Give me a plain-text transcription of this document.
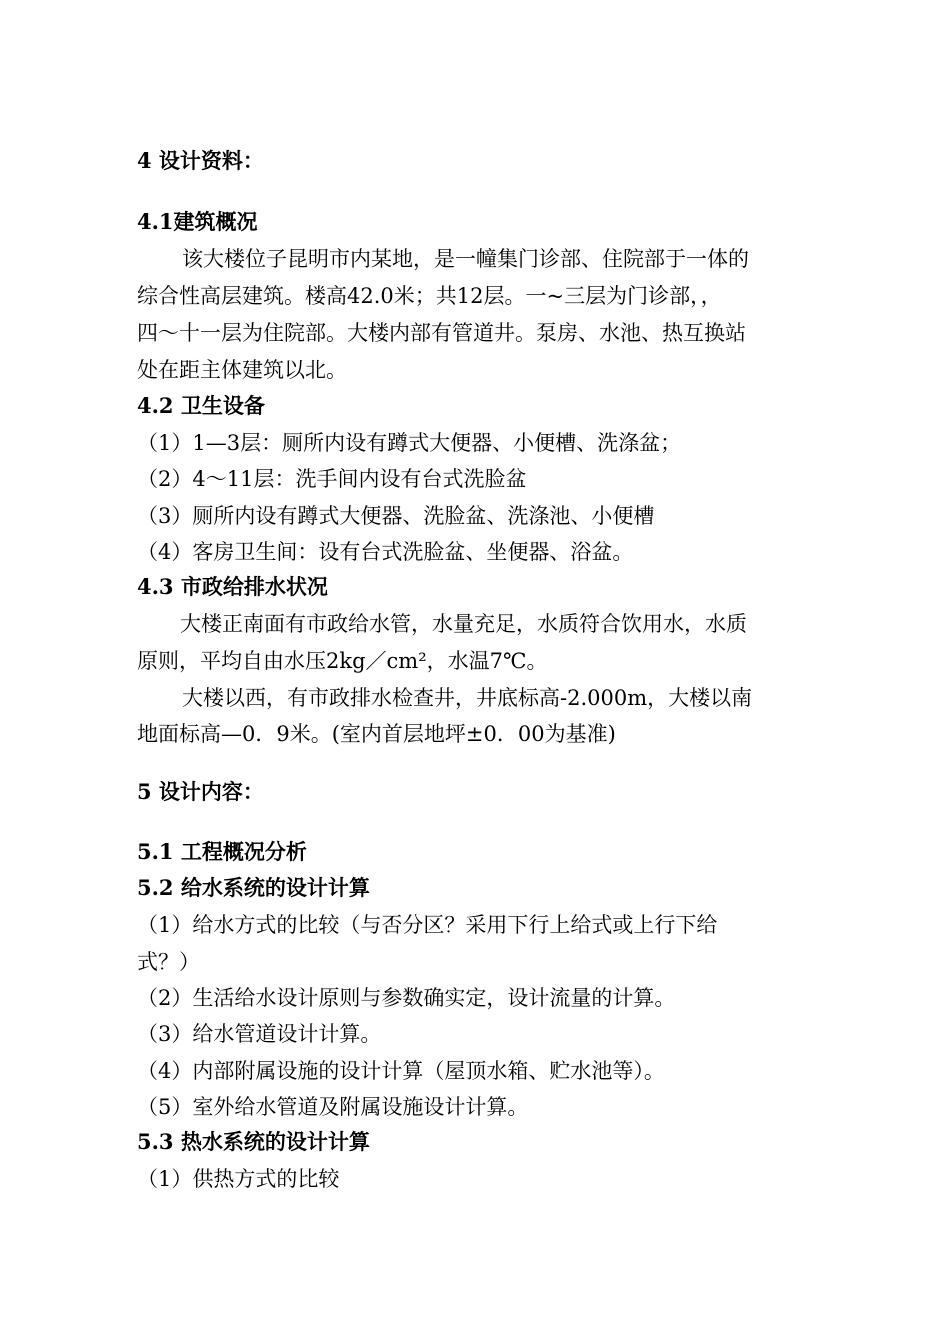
4 设计资料：
4.1建筑概况
该大楼位子昆明市内某地，是一幢集门诊部、住院部于一体的
综合性高层建筑。楼高42.0米；共12层。一~三层为门诊部，，
四～十一层为住院部。大楼内部有管道井。泵房、水池、热互换站
处在距主体建筑以北。
4.2 卫生设备
（1）1—3层：厕所内设有蹲式大便器、小便槽、洗涤盆；
（2）4～11层：洗手间内设有台式洗脸盆
（3）厕所内设有蹲式大便器、洗脸盆、洗涤池、小便槽
（4）客房卫生间：设有台式洗脸盆、坐便器、浴盆。
4.3 市政给排水状况
大楼正南面有市政给水管，水量充足，水质符合饮用水，水质
原则，平均自由水压2kg／cm²，水温7℃。
大楼以西，有市政排水检查井，井底标高-2.000m，大楼以南
地面标高—0．9米。(室内首层地坪±0．00为基准)
5 设计内容：
5.1 工程概况分析
5.2 给水系统的设计计算
（1）给水方式的比较（与否分区？采用下行上给式或上行下给
式？）
（2）生活给水设计原则与参数确实定，设计流量的计算。
（3）给水管道设计计算。
（4）内部附属设施的设计计算（屋顶水箱、贮水池等）。
（5）室外给水管道及附属设施设计计算。
5.3 热水系统的设计计算
（1）供热方式的比较
